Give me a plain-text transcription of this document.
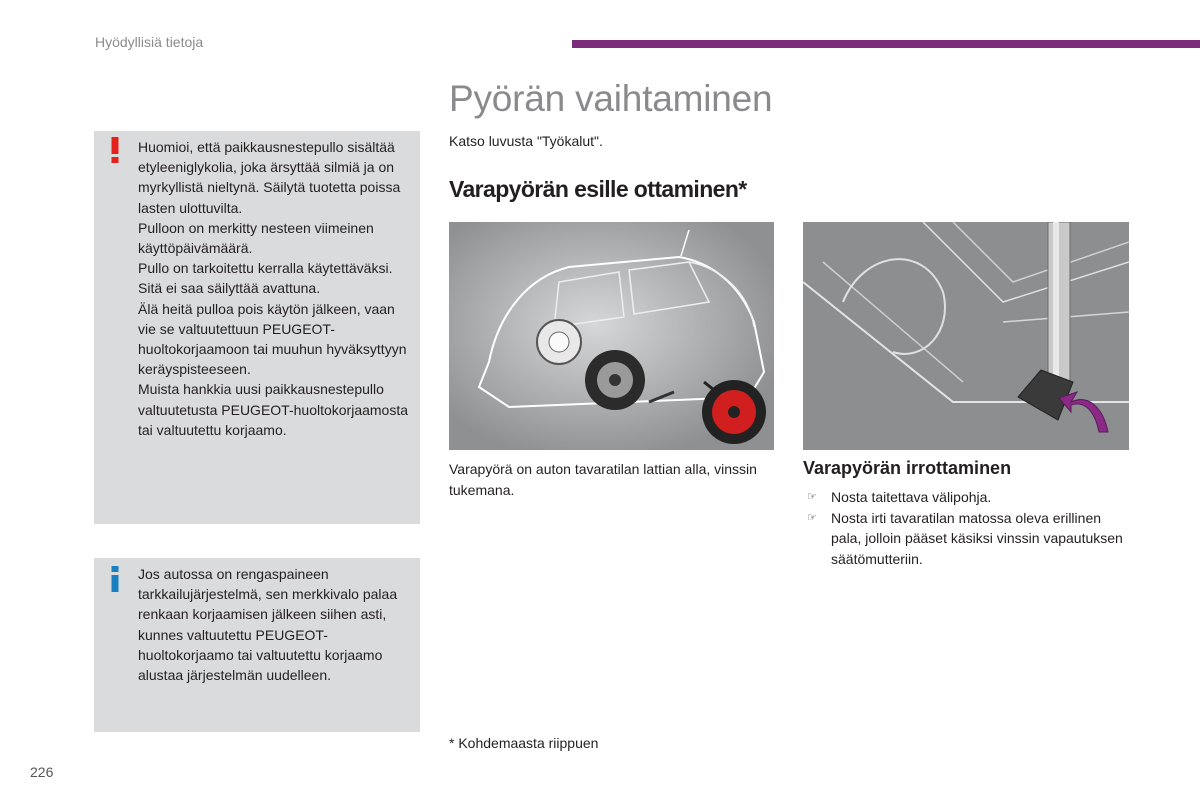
Hyödyllisiä tietoja
Pyörän vaihtaminen

Huomioi, että paikkausnestepullo sisältää etyleeniglykolia, joka ärsyttää silmiä ja on myrkyllistä nieltynä. Säilytä tuotetta poissa lasten ulottuvilta.
Pulloon on merkitty nesteen viimeinen käyttöpäivämäärä.
Pullo on tarkoitettu kerralla käytettäväksi. Sitä ei saa säilyttää avattuna.
Älä heitä pulloa pois käytön jälkeen, vaan vie se valtuutettuun PEUGEOT-huoltokorjaamoon tai muuhun hyväksyttyyn keräyspisteeseen.
Muista hankkia uusi paikkausnestepullo valtuutetusta PEUGEOT-huoltokorjaamosta tai valtuutettu korjaamo.

Jos autossa on rengaspaineen tarkkailujärjestelmä, sen merkkivalo palaa renkaan korjaamisen jälkeen siihen asti, kunnes valtuutettu PEUGEOT-huoltokorjaamo tai valtuutettu korjaamo alustaa järjestelmän uudelleen.

Katso luvusta "Työkalut".
Varapyörän esille ottaminen*
Varapyörä on auton tavaratilan lattian alla, vinssin tukemana.
Varapyörän irrottaminen
☞ Nosta taitettava välipohja.
☞ Nosta irti tavaratilan matossa oleva erillinen pala, jolloin pääset käsiksi vinssin vapautuksen säätömutteriin.
* Kohdemaasta riippuen
226
